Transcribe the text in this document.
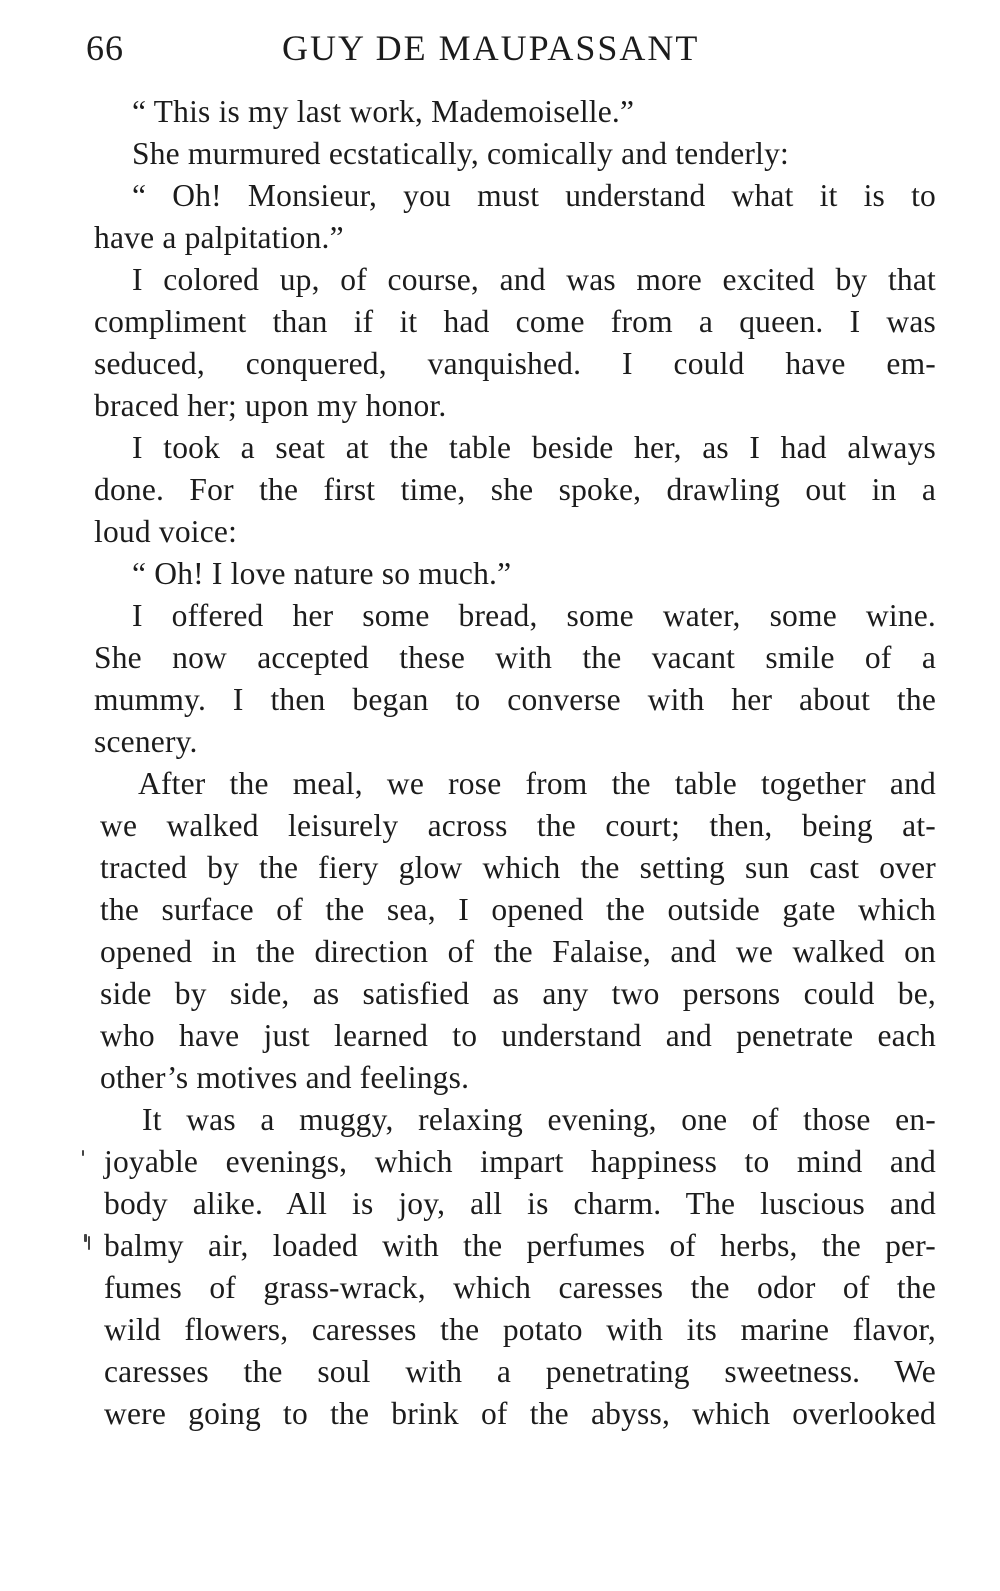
66	GUY DE MAUPASSANT
“ This is my last work, Mademoiselle.”
She murmured ecstatically, comically and tenderly:
“ Oh! Monsieur, you must understand what it is to
have a palpitation.”
I colored up, of course, and was more excited by that
compliment than if it had come from a queen. I was
seduced, conquered, vanquished. I could have em-
braced her; upon my honor.
I took a seat at the table beside her, as I had always
done. For the first time, she spoke, drawling out in a
loud voice:
“ Oh! I love nature so much.”
I offered her some bread, some water, some wine.
She now accepted these with the vacant smile of a
mummy. I then began to converse with her about the
scenery.
After the meal, we rose from the table together and
we walked leisurely across the court; then, being at-
tracted by the fiery glow which the setting sun cast over
the surface of the sea, I opened the outside gate which
opened in the direction of the Falaise, and we walked on
side by side, as satisfied as any two persons could be,
who have just learned to understand and penetrate each
other’s motives and feelings.
It was a muggy, relaxing evening, one of those en-
joyable evenings, which impart happiness to mind and
body alike. All is joy, all is charm. The luscious and
balmy air, loaded with the perfumes of herbs, the per-
fumes of grass-wrack, which caresses the odor of the
wild flowers, caresses the potato with its marine flavor,
caresses the soul with a penetrating sweetness. We
were going to the brink of the abyss, which overlooked
